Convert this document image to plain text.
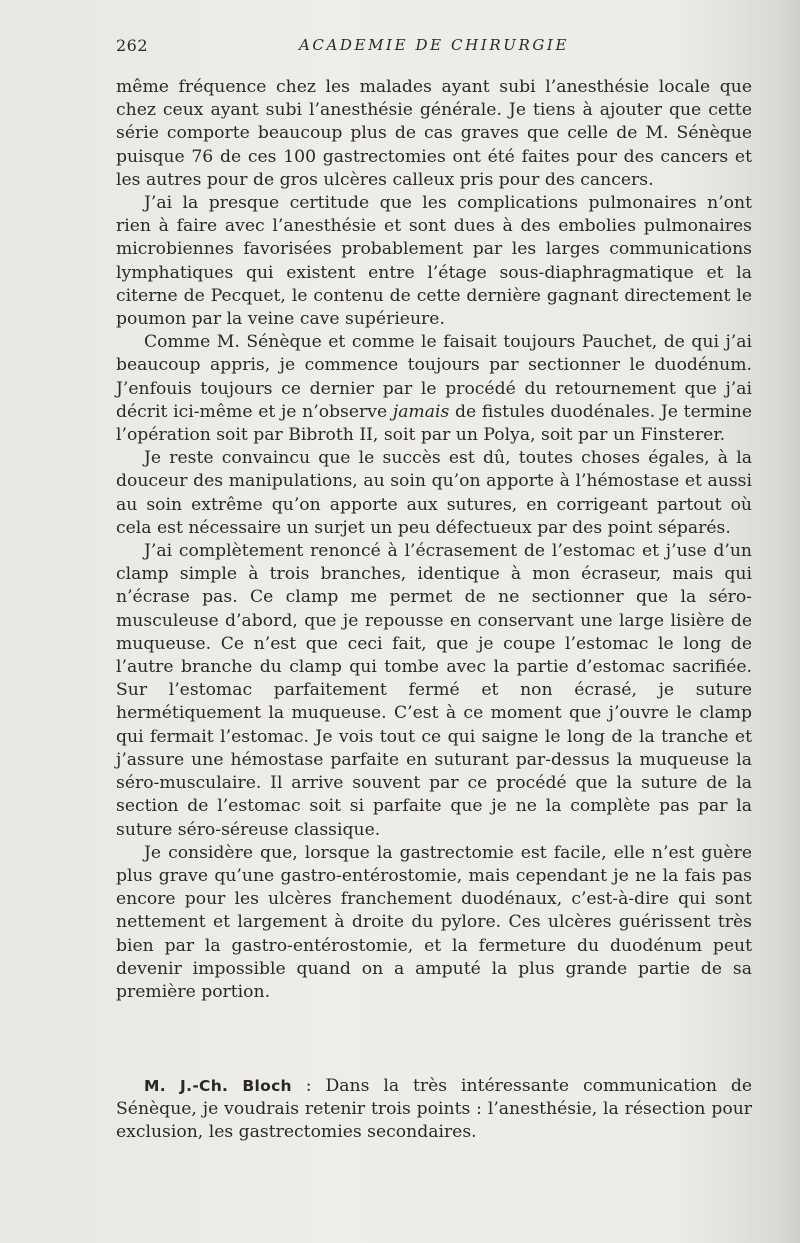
262	ACADEMIE DE CHIRURGIE

même fréquence chez les malades ayant subi l’anesthésie locale que chez ceux ayant subi l’anesthésie générale. Je tiens à ajouter que cette série comporte beaucoup plus de cas graves que celle de M. Sénèque puisque 76 de ces 100 gastrectomies ont été faites pour des cancers et les autres pour de gros ulcères calleux pris pour des cancers.

J’ai la presque certitude que les complications pulmonaires n’ont rien à faire avec l’anesthésie et sont dues à des embolies pulmonaires microbiennes favorisées probablement par les larges communications lymphatiques qui existent entre l’étage sous-diaphragmatique et la citerne de Pecquet, le contenu de cette dernière gagnant directement le poumon par la veine cave supérieure.

Comme M. Sénèque et comme le faisait toujours Pauchet, de qui j’ai beaucoup appris, je commence toujours par sectionner le duodénum. J’enfouis toujours ce dernier par le procédé du retournement que j’ai décrit ici-même et je n’observe jamais de fistules duodénales. Je termine l’opération soit par Bibroth II, soit par un Polya, soit par un Finsterer.

Je reste convaincu que le succès est dû, toutes choses égales, à la douceur des manipulations, au soin qu’on apporte à l’hémostase et aussi au soin extrême qu’on apporte aux sutures, en corrigeant partout où cela est nécessaire un surjet un peu défectueux par des point séparés.

J’ai complètement renoncé à l’écrasement de l’estomac et j’use d’un clamp simple à trois branches, identique à mon écraseur, mais qui n’écrase pas. Ce clamp me permet de ne sectionner que la séro-musculeuse d’abord, que je repousse en conservant une large lisière de muqueuse. Ce n’est que ceci fait, que je coupe l’estomac le long de l’autre branche du clamp qui tombe avec la partie d’estomac sacrifiée. Sur l’estomac parfaitement fermé et non écrasé, je suture hermétiquement la muqueuse. C’est à ce moment que j’ouvre le clamp qui fermait l’estomac. Je vois tout ce qui saigne le long de la tranche et j’assure une hémostase parfaite en suturant par-dessus la muqueuse la séro-musculaire. Il arrive souvent par ce procédé que la suture de la section de l’estomac soit si parfaite que je ne la complète pas par la suture séro-séreuse classique.

Je considère que, lorsque la gastrectomie est facile, elle n’est guère plus grave qu’une gastro-entérostomie, mais cependant je ne la fais pas encore pour les ulcères franchement duodénaux, c’est-à-dire qui sont nettement et largement à droite du pylore. Ces ulcères guérissent très bien par la gastro-entérostomie, et la fermeture du duodénum peut devenir impossible quand on a amputé la plus grande partie de sa première portion.

M. J.-Ch. Bloch : Dans la très intéressante communication de Sénèque, je voudrais retenir trois points : l’anesthésie, la résection pour exclusion, les gastrectomies secondaires.
